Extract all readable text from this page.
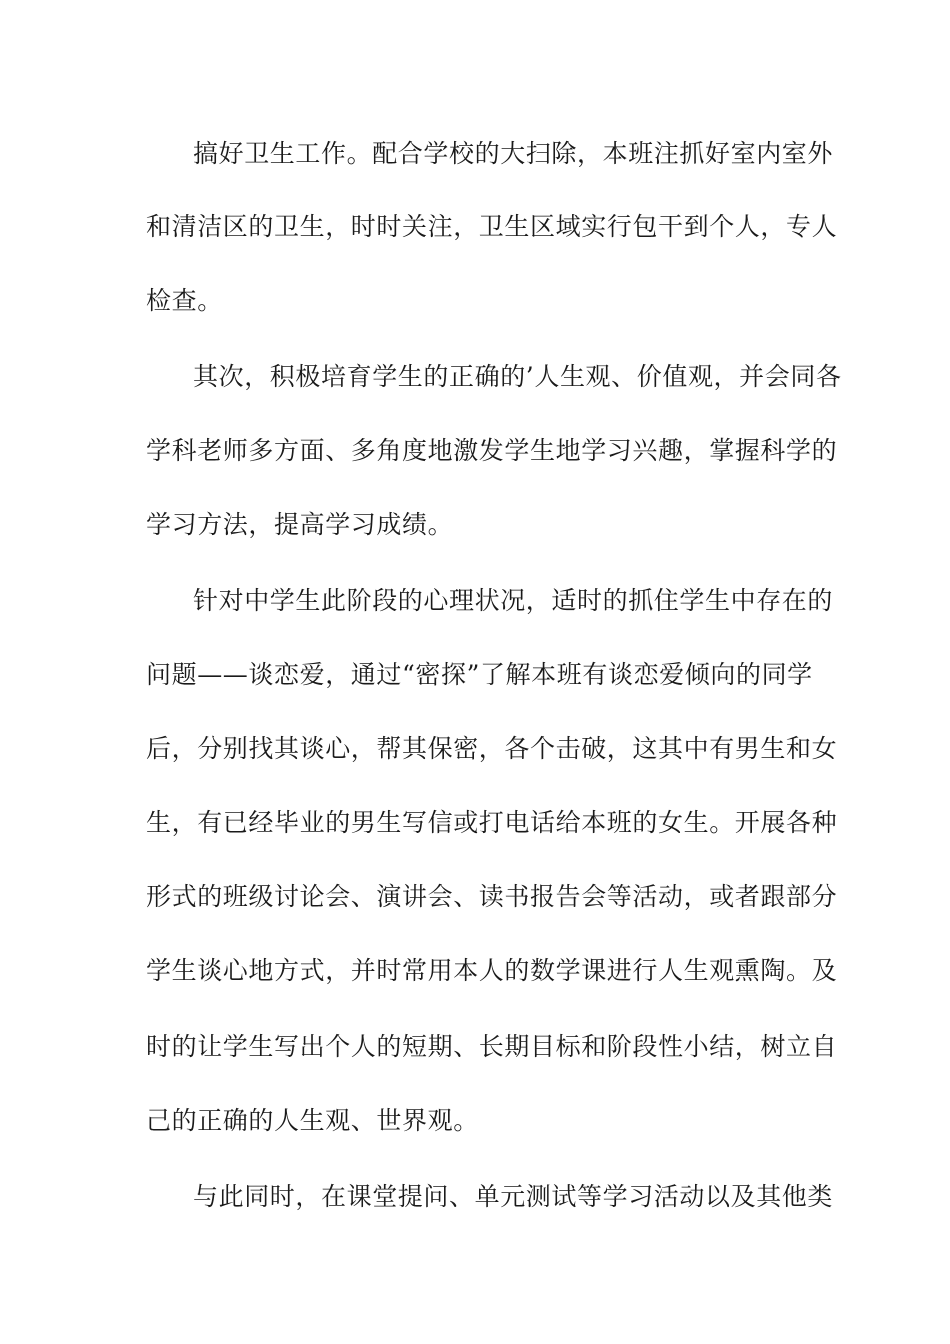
搞好卫生工作。配合学校的大扫除，本班注抓好室内室外

和清洁区的卫生，时时关注，卫生区域实行包干到个人，专人

检查。

其次，积极培育学生的正确的’人生观、价值观，并会同各

学科老师多方面、多角度地激发学生地学习兴趣，掌握科学的

学习方法，提高学习成绩。

针对中学生此阶段的心理状况，适时的抓住学生中存在的

问题——谈恋爱，通过“密探”了解本班有谈恋爱倾向的同学

后，分别找其谈心，帮其保密，各个击破，这其中有男生和女

生，有已经毕业的男生写信或打电话给本班的女生。开展各种

形式的班级讨论会、演讲会、读书报告会等活动，或者跟部分

学生谈心地方式，并时常用本人的数学课进行人生观熏陶。及

时的让学生写出个人的短期、长期目标和阶段性小结，树立自

己的正确的人生观、世界观。

与此同时，在课堂提问、单元测试等学习活动以及其他类
